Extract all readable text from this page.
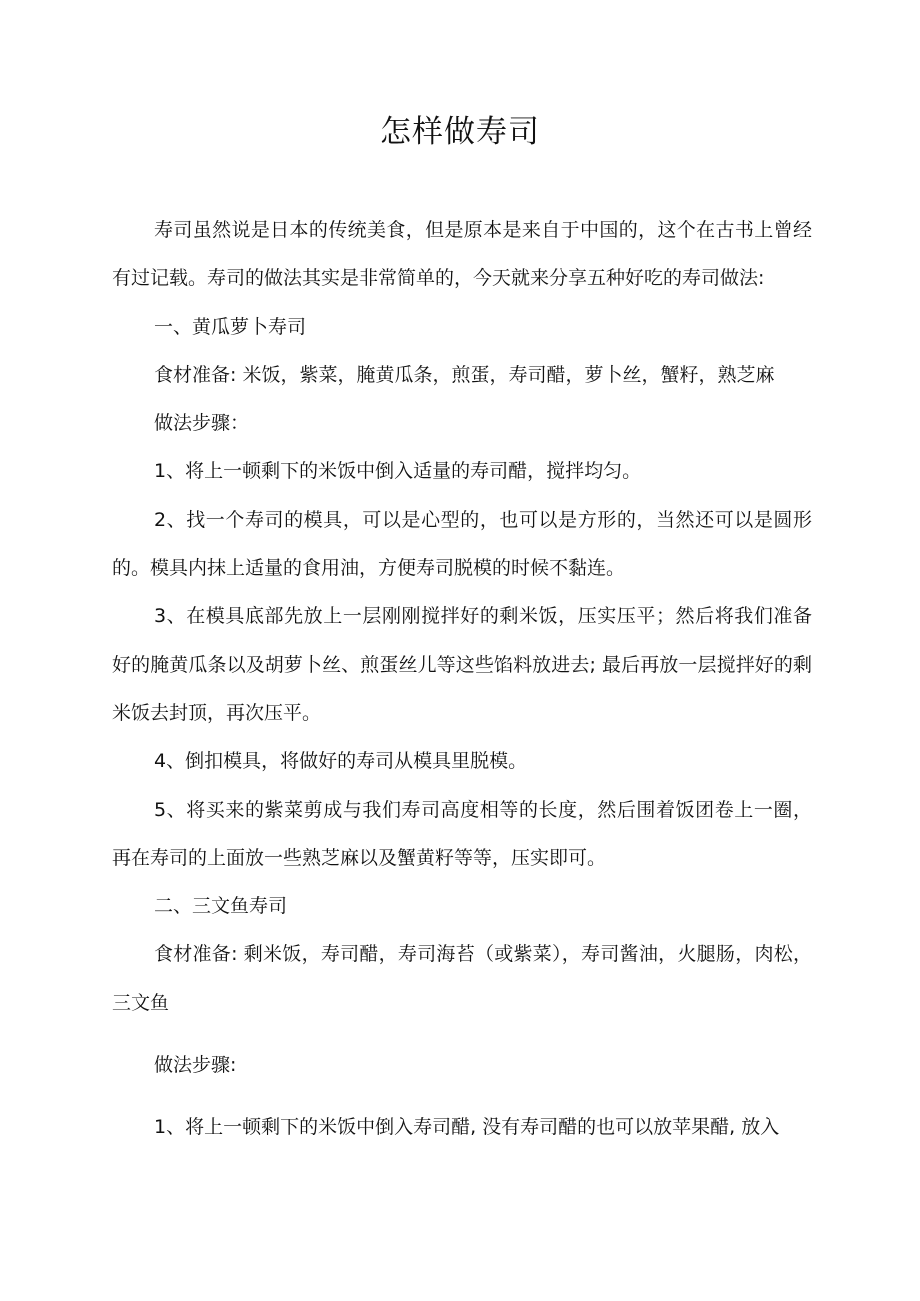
怎样做寿司

寿司虽然说是日本的传统美食，但是原本是来自于中国的，这个在古书上曾经有过记载。寿司的做法其实是非常简单的，今天就来分享五种好吃的寿司做法:

一、黄瓜萝卜寿司

食材准备: 米饭，紫菜，腌黄瓜条，煎蛋，寿司醋，萝卜丝，蟹籽，熟芝麻

做法步骤：

1、将上一顿剩下的米饭中倒入适量的寿司醋，搅拌均匀。

2、找一个寿司的模具，可以是心型的，也可以是方形的，当然还可以是圆形的。模具内抹上适量的食用油，方便寿司脱模的时候不黏连。

3、在模具底部先放上一层刚刚搅拌好的剩米饭，压实压平；然后将我们准备好的腌黄瓜条以及胡萝卜丝、煎蛋丝儿等这些馅料放进去; 最后再放一层搅拌好的剩米饭去封顶，再次压平。

4、倒扣模具，将做好的寿司从模具里脱模。

5、将买来的紫菜剪成与我们寿司高度相等的长度，然后围着饭团卷上一圈，再在寿司的上面放一些熟芝麻以及蟹黄籽等等，压实即可。

二、三文鱼寿司

食材准备: 剩米饭，寿司醋，寿司海苔（或紫菜），寿司酱油，火腿肠，肉松，三文鱼

做法步骤:

1、将上一顿剩下的米饭中倒入寿司醋, 没有寿司醋的也可以放苹果醋, 放入
